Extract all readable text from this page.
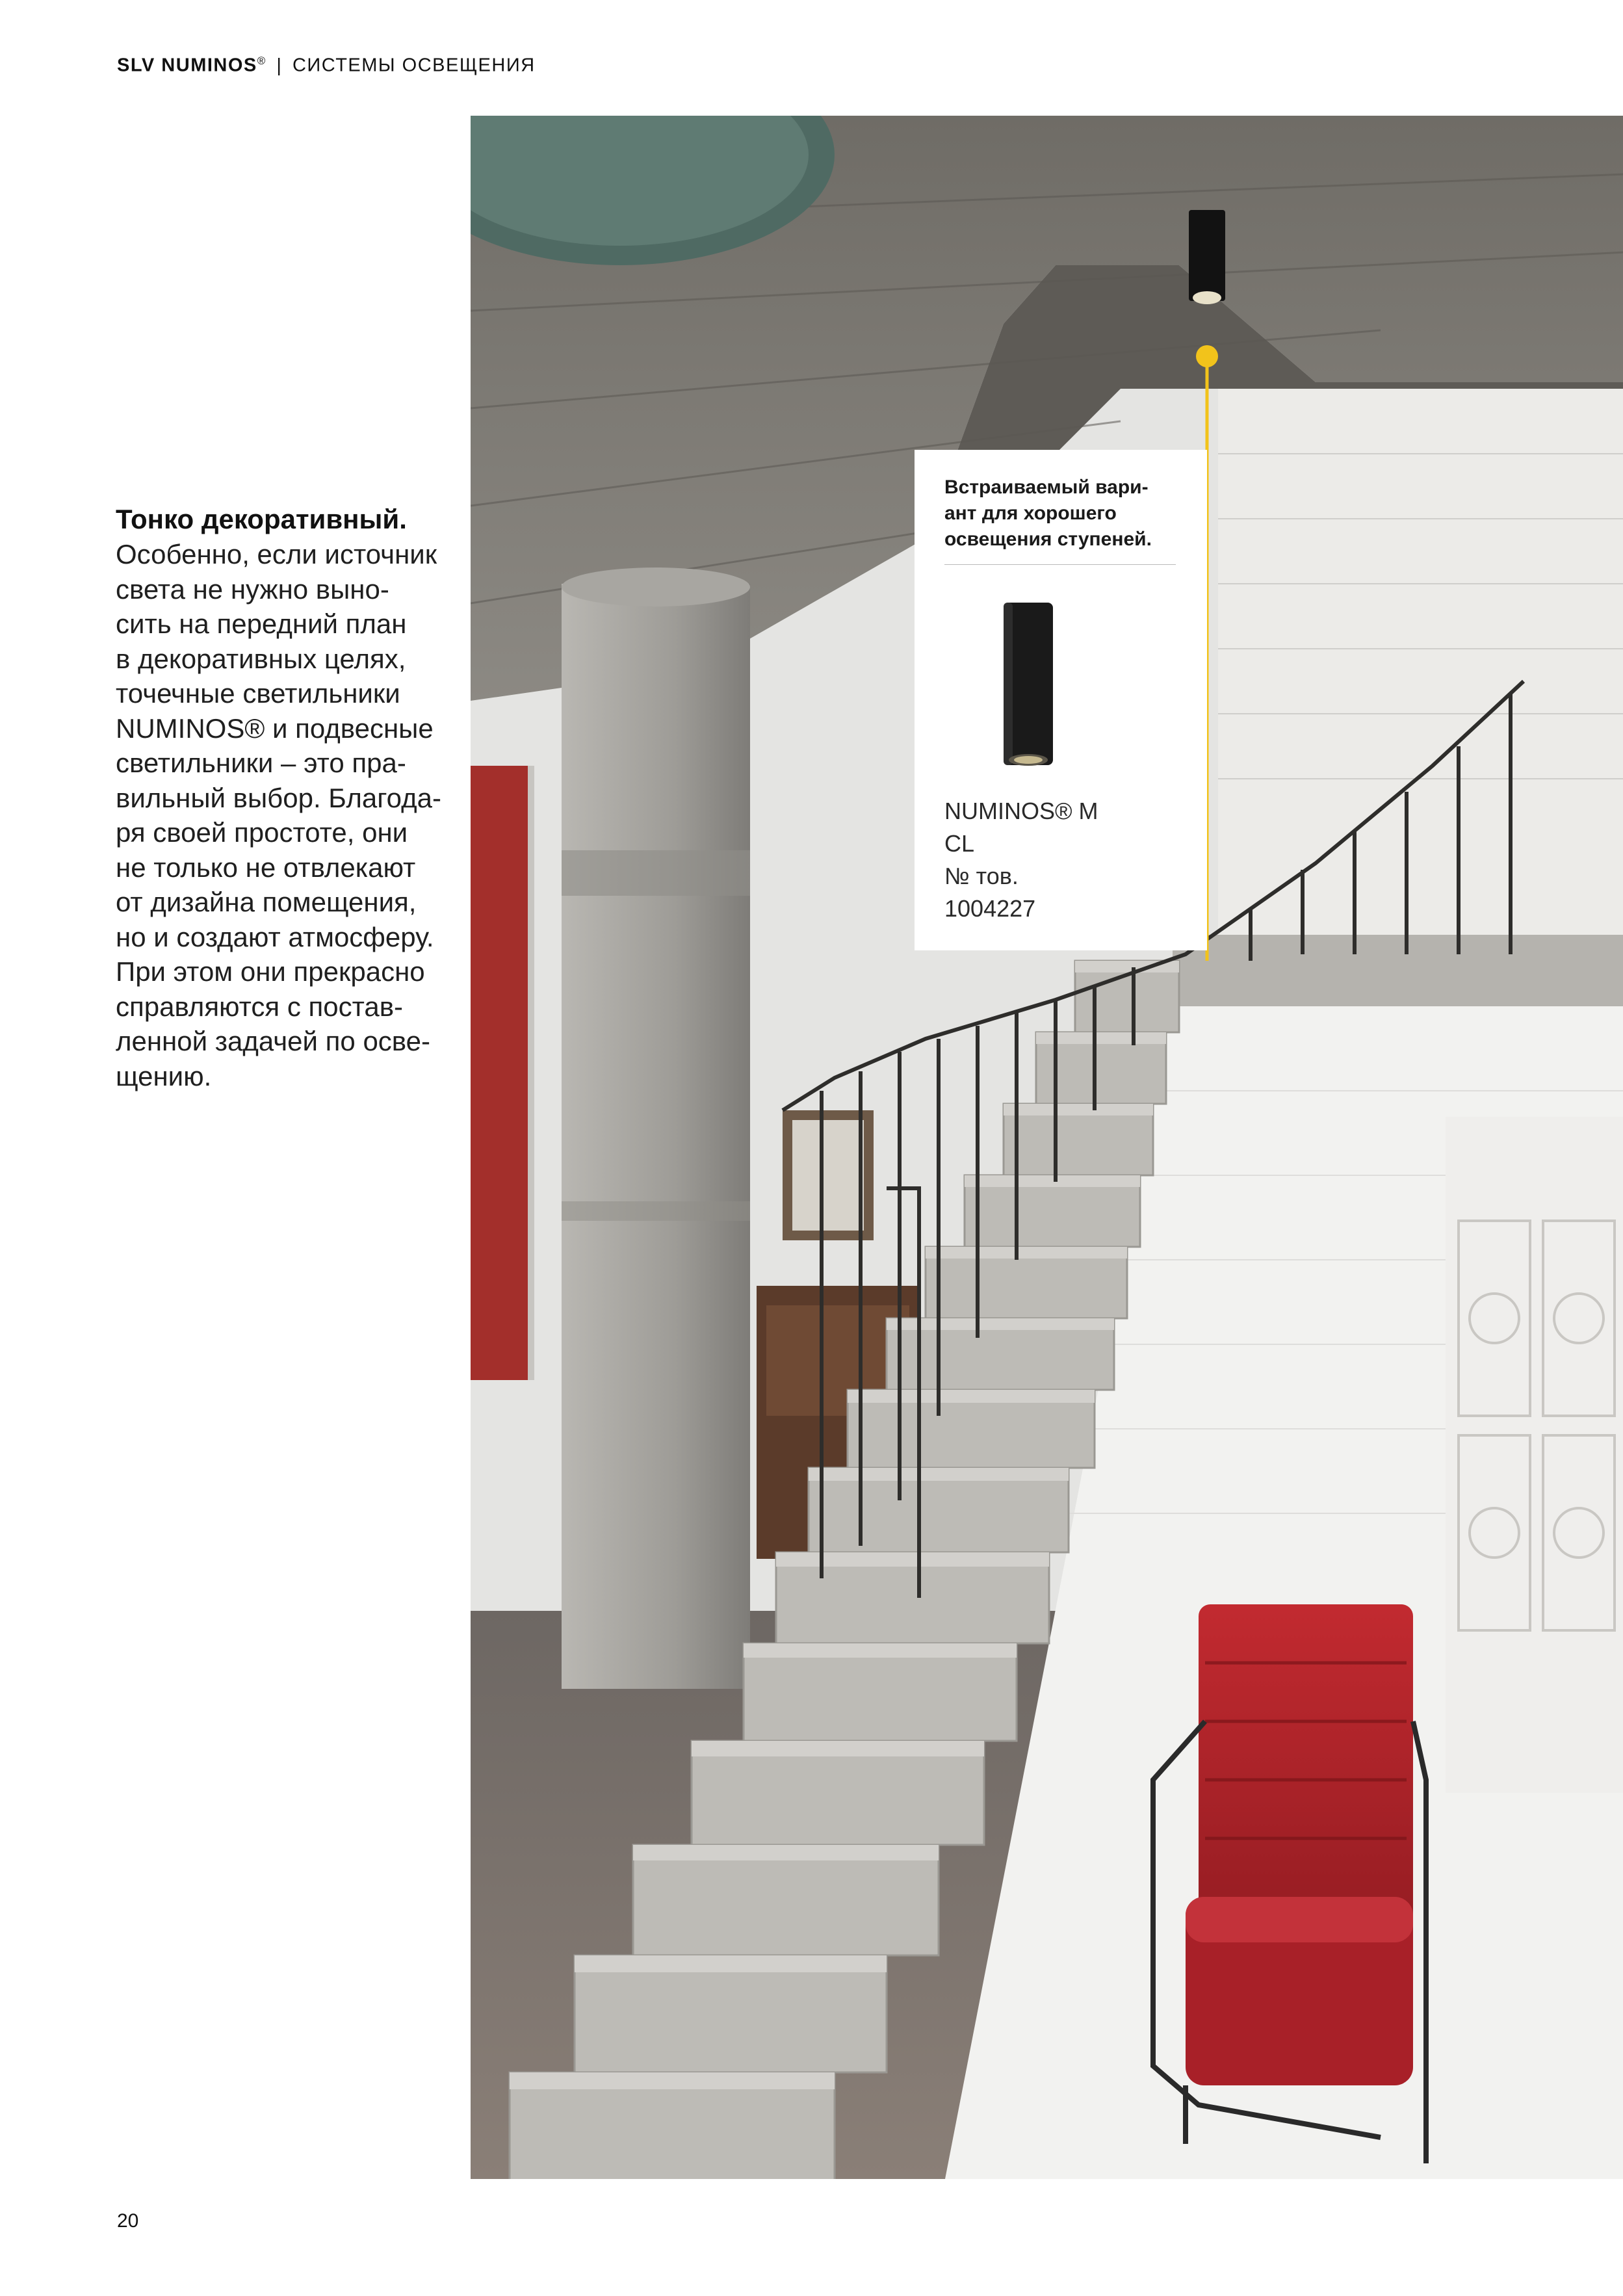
SLV NUMINOS® | СИСТЕМЫ ОСВЕЩЕНИЯ
Тонко декоративный.
Особенно, если источник
света не нужно выно-
сить на передний план
в декоративных целях,
точечные светильники
NUMINOS® и подвесные
светильники – это пра-
вильный выбор. Благода-
ря своей простоте, они
не только не отвлекают
от дизайна помещения,
но и создают атмосферу.
При этом они прекрасно
справляются с постав-
ленной задачей по осве-
щению.
Встраиваемый вари-
ант для хорошего
освещения ступеней.
NUMINOS® M
CL
№ тов.
1004227
20
